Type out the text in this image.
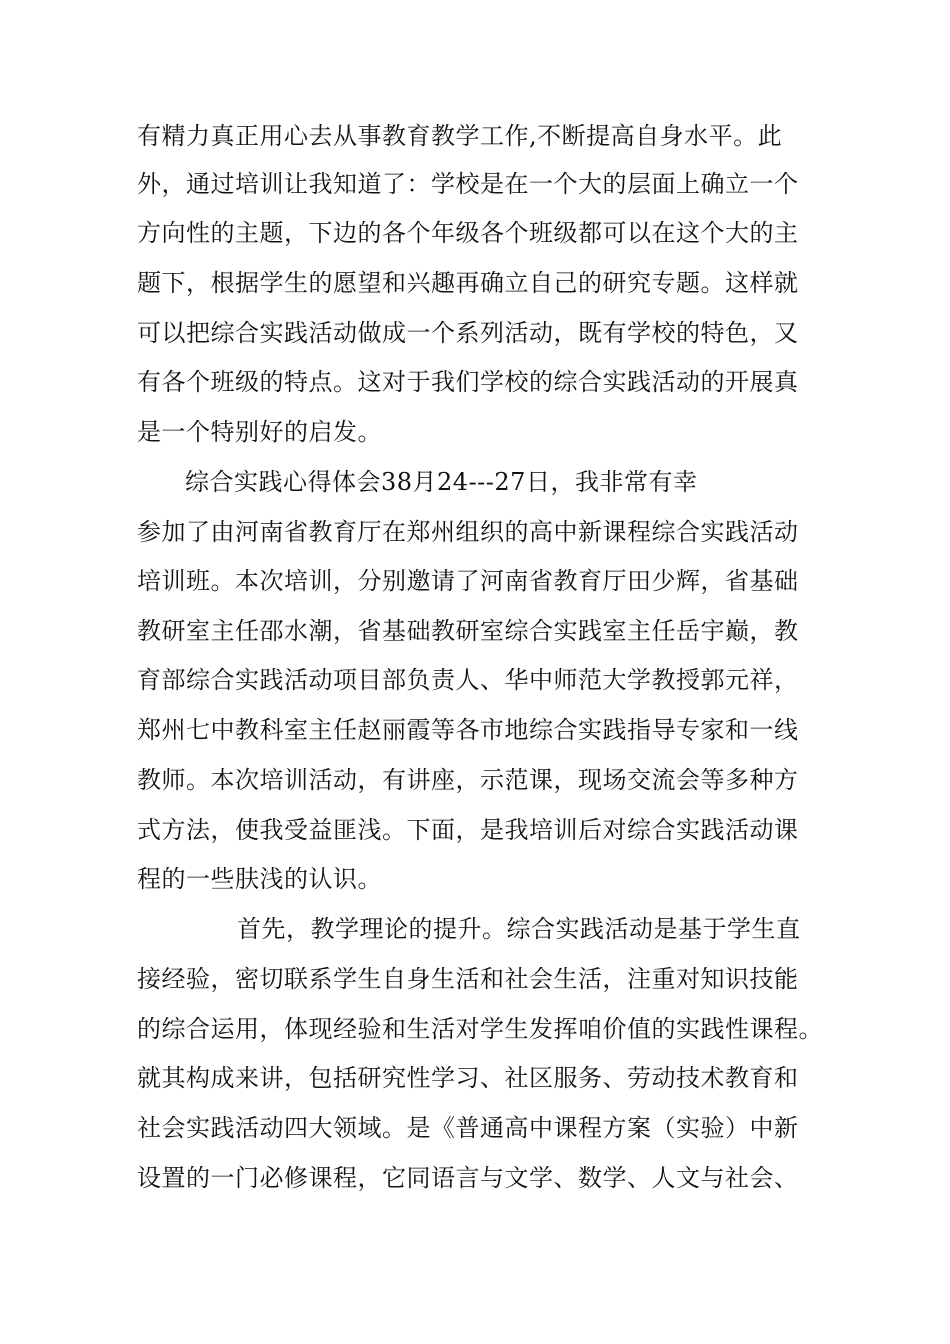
有精力真正用心去从事教育教学工作,不断提高自身水平。此
外，通过培训让我知道了：学校是在一个大的层面上确立一个
方向性的主题，下边的各个年级各个班级都可以在这个大的主
题下，根据学生的愿望和兴趣再确立自己的研究专题。这样就
可以把综合实践活动做成一个系列活动，既有学校的特色，又
有各个班级的特点。这对于我们学校的综合实践活动的开展真
是一个特别好的启发。
综合实践心得体会38月24---27日，我非常有幸
参加了由河南省教育厅在郑州组织的高中新课程综合实践活动
培训班。本次培训，分别邀请了河南省教育厅田少辉，省基础
教研室主任邵水潮，省基础教研室综合实践室主任岳宇巅，教
育部综合实践活动项目部负责人、华中师范大学教授郭元祥，
郑州七中教科室主任赵丽霞等各市地综合实践指导专家和一线
教师。本次培训活动，有讲座，示范课，现场交流会等多种方
式方法，使我受益匪浅。下面，是我培训后对综合实践活动课
程的一些肤浅的认识。
首先，教学理论的提升。综合实践活动是基于学生直
接经验，密切联系学生自身生活和社会生活，注重对知识技能
的综合运用，体现经验和生活对学生发挥咱价值的实践性课程。
就其构成来讲，包括研究性学习、社区服务、劳动技术教育和
社会实践活动四大领域。是《普通高中课程方案（实验）中新
设置的一门必修课程，它同语言与文学、数学、人文与社会、
